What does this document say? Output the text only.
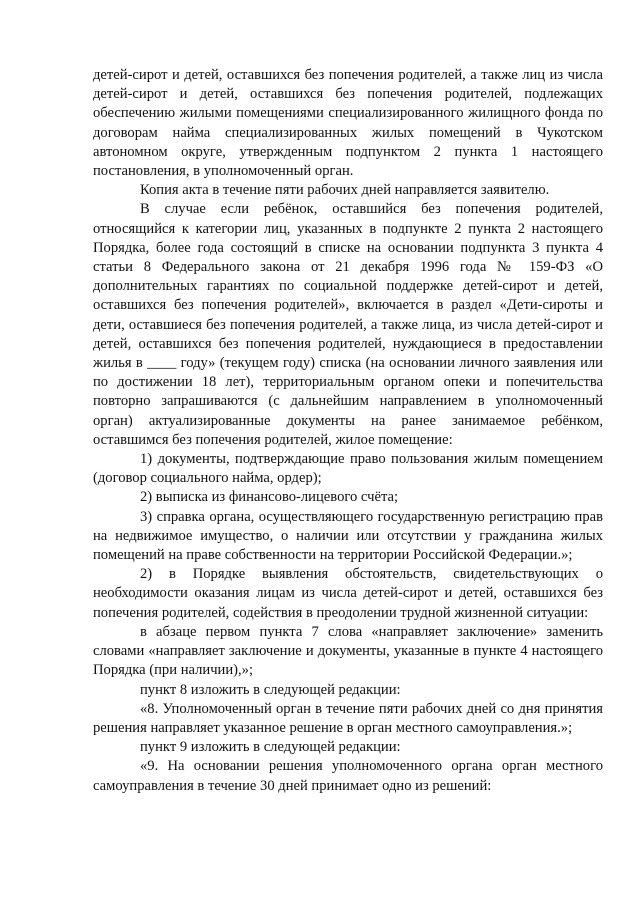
детей-сирот и детей, оставшихся без попечения родителей, а также лиц из числа детей-сирот и детей, оставшихся без попечения родителей, подлежащих обеспечению жилыми помещениями специализированного жилищного фонда по договорам найма специализированных жилых помещений в Чукотском автономном округе, утвержденным подпунктом 2 пункта 1 настоящего постановления, в уполномоченный орган.

Копия акта в течение пяти рабочих дней направляется заявителю.

В случае если ребёнок, оставшийся без попечения родителей, относящийся к категории лиц, указанных в подпункте 2 пункта 2 настоящего Порядка, более года состоящий в списке на основании подпункта 3 пункта 4 статьи 8 Федерального закона от 21 декабря 1996 года № 159-ФЗ «О дополнительных гарантиях по социальной поддержке детей-сирот и детей, оставшихся без попечения родителей», включается в раздел «Дети-сироты и дети, оставшиеся без попечения родителей, а также лица, из числа детей-сирот и детей, оставшихся без попечения родителей, нуждающиеся в предоставлении жилья в ____ году» (текущем году) списка (на основании личного заявления или по достижении 18 лет), территориальным органом опеки и попечительства повторно запрашиваются (с дальнейшим направлением в уполномоченный орган) актуализированные документы на ранее занимаемое ребёнком, оставшимся без попечения родителей, жилое помещение:

1) документы, подтверждающие право пользования жилым помещением (договор социального найма, ордер);

2) выписка из финансово-лицевого счёта;

3) справка органа, осуществляющего государственную регистрацию прав на недвижимое имущество, о наличии или отсутствии у гражданина жилых помещений на праве собственности на территории Российской Федерации.»;

2) в Порядке выявления обстоятельств, свидетельствующих о необходимости оказания лицам из числа детей-сирот и детей, оставшихся без попечения родителей, содействия в преодолении трудной жизненной ситуации:

в абзаце первом пункта 7 слова «направляет заключение» заменить словами «направляет заключение и документы, указанные в пункте 4 настоящего Порядка (при наличии),»;

пункт 8 изложить в следующей редакции:

«8. Уполномоченный орган в течение пяти рабочих дней со дня принятия решения направляет указанное решение в орган местного самоуправления.»;

пункт 9 изложить в следующей редакции:

«9. На основании решения уполномоченного органа орган местного самоуправления в течение 30 дней принимает одно из решений:
